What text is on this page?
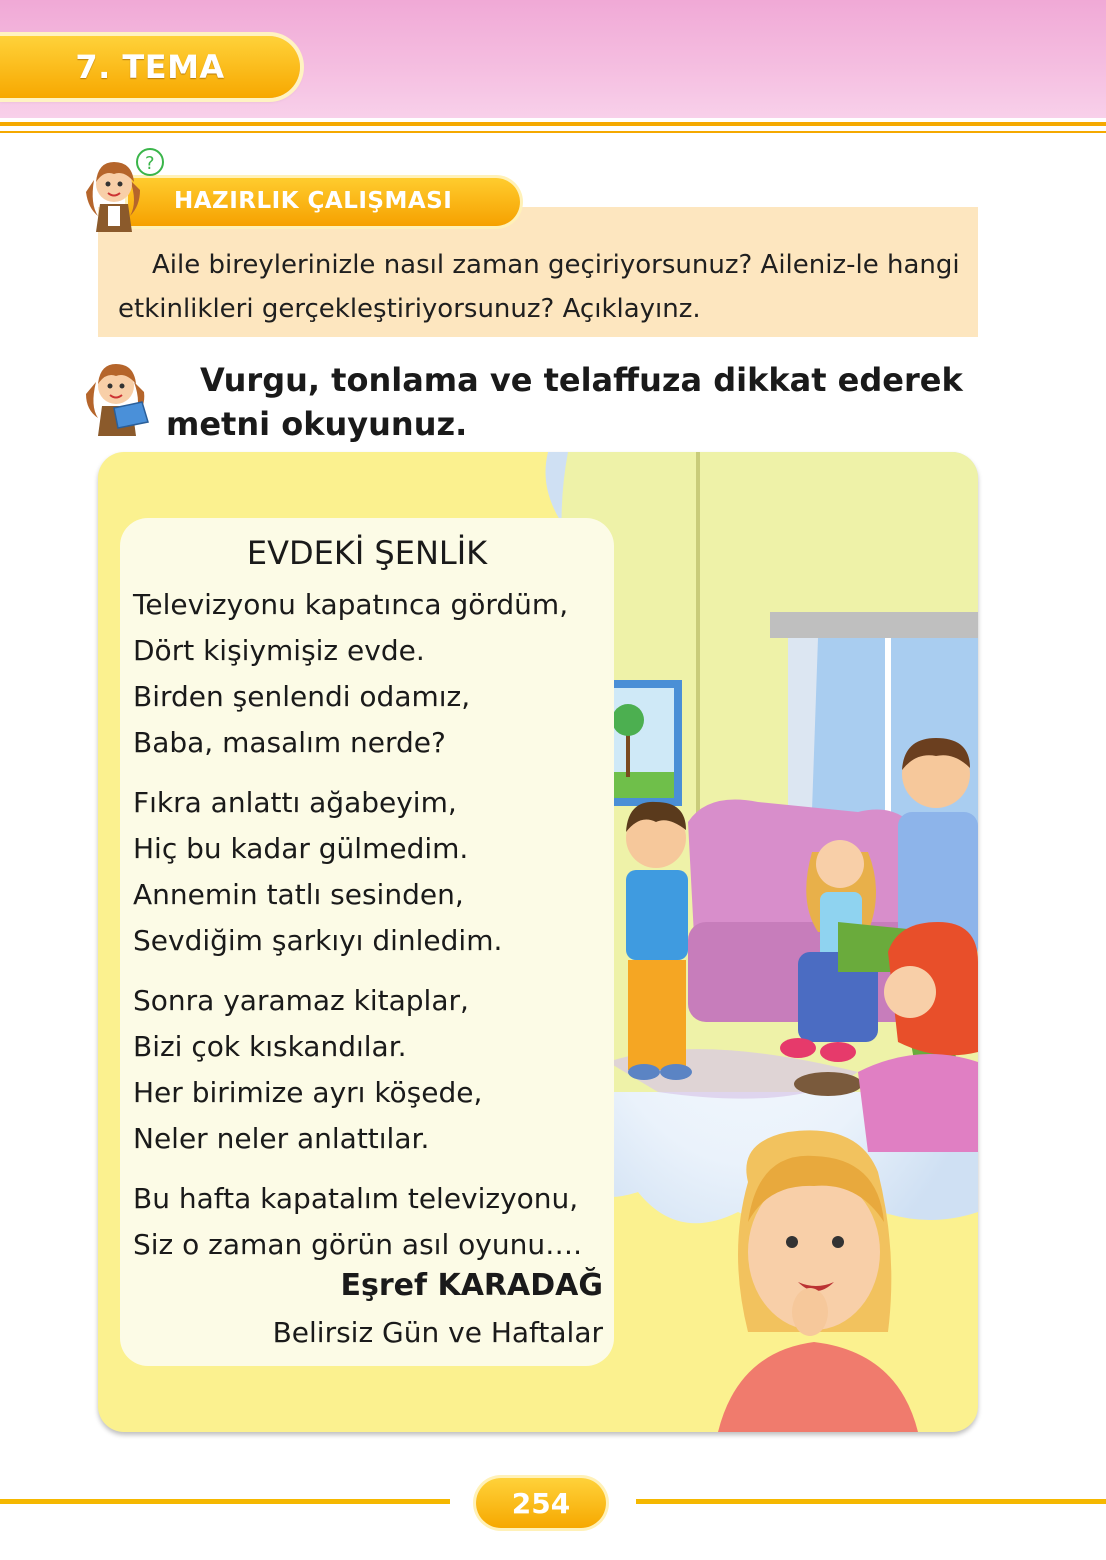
7. TEMA
Aile bireylerinizle nasıl zaman geçiriyorsunuz? Aileniz-le hangi etkinlikleri gerçekleştiriyorsunuz? Açıklayınz.
HAZIRLIK ÇALIŞMASI
?
Vurgu, tonlama ve telaffuza dikkat ederek metni okuyunuz.
EVDEKİ ŞENLİK
Televizyonu kapatınca gördüm,
Dört kişiymişiz evde.
Birden şenlendi odamız,
Baba, masalım nerde?
Fıkra anlattı ağabeyim,
Hiç bu kadar gülmedim.
Annemin tatlı sesinden,
Sevdiğim şarkıyı dinledim.
Sonra yaramaz kitaplar,
Bizi çok kıskandılar.
Her birimize ayrı köşede,
Neler neler anlattılar.
Bu hafta kapatalım televizyonu,
Siz o zaman görün asıl oyunu….
Eşref KARADAĞ
Belirsiz Gün ve Haftalar
254
